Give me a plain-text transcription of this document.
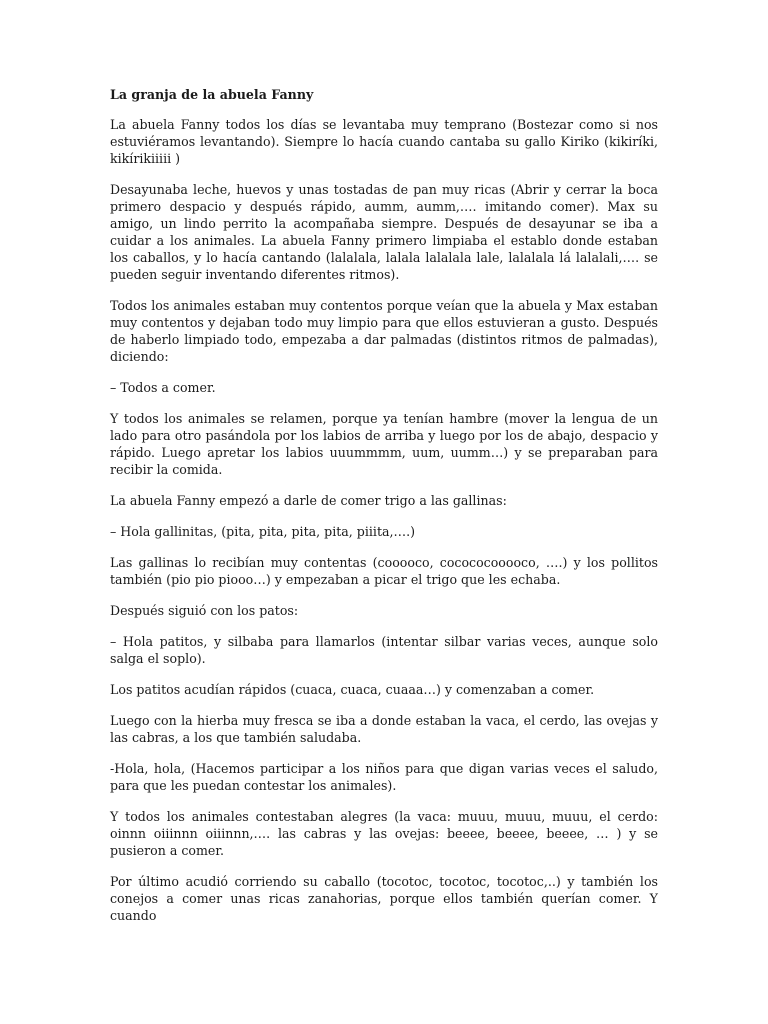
La granja de la abuela Fanny

La abuela Fanny todos los días se levantaba muy temprano (Bostezar como si nos estuviéramos levantando). Siempre lo hacía cuando cantaba su gallo Kiriko (kikiríki, kikírikiiiii )

Desayunaba leche, huevos y unas tostadas de pan muy ricas (Abrir y cerrar la boca primero despacio y después rápido, aumm, aumm,…. imitando comer). Max su amigo, un lindo perrito la acompañaba siempre. Después de desayunar se iba a cuidar a los animales. La abuela Fanny primero limpiaba el establo donde estaban los caballos, y lo hacía cantando (lalalala, lalala lalalala lale, lalalala lá lalalali,…. se pueden seguir inventando diferentes ritmos).

Todos los animales estaban muy contentos porque veían que la abuela y Max estaban muy contentos y dejaban todo muy limpio para que ellos estuvieran a gusto. Después de haberlo limpiado todo, empezaba a dar palmadas (distintos ritmos de palmadas), diciendo:

– Todos a comer.

Y todos los animales se relamen, porque ya tenían hambre (mover la lengua de un lado para otro pasándola por los labios de arriba y luego por los de abajo, despacio y rápido. Luego apretar los labios uuummmm, uum, uumm…) y se preparaban para recibir la comida.

La abuela Fanny empezó a darle de comer trigo a las gallinas:

– Hola gallinitas, (pita, pita, pita, pita, piiita,….)

Las gallinas lo recibían muy contentas (cooooco, cocococooooco, ….) y los pollitos también (pio pio piooo…) y empezaban a picar el trigo que les echaba.

Después siguió con los patos:

– Hola patitos, y silbaba para llamarlos (intentar silbar varias veces, aunque solo salga el soplo).

Los patitos acudían rápidos (cuaca, cuaca, cuaaa…) y comenzaban a comer.

Luego con la hierba muy fresca se iba a donde estaban la vaca, el cerdo, las ovejas y las cabras, a los que también saludaba.

-Hola, hola, (Hacemos participar a los niños para que digan varias veces el saludo, para que les puedan contestar los animales).

Y todos los animales contestaban alegres (la vaca: muuu, muuu, muuu, el cerdo: oinnn oiiinnn oiiinnn,…. las cabras y las ovejas: beeee, beeee, beeee, … ) y se pusieron a comer.

Por último acudió corriendo su caballo (tocotoc, tocotoc, tocotoc,..) y también los conejos a comer unas ricas zanahorias, porque ellos también querían comer. Y cuando
